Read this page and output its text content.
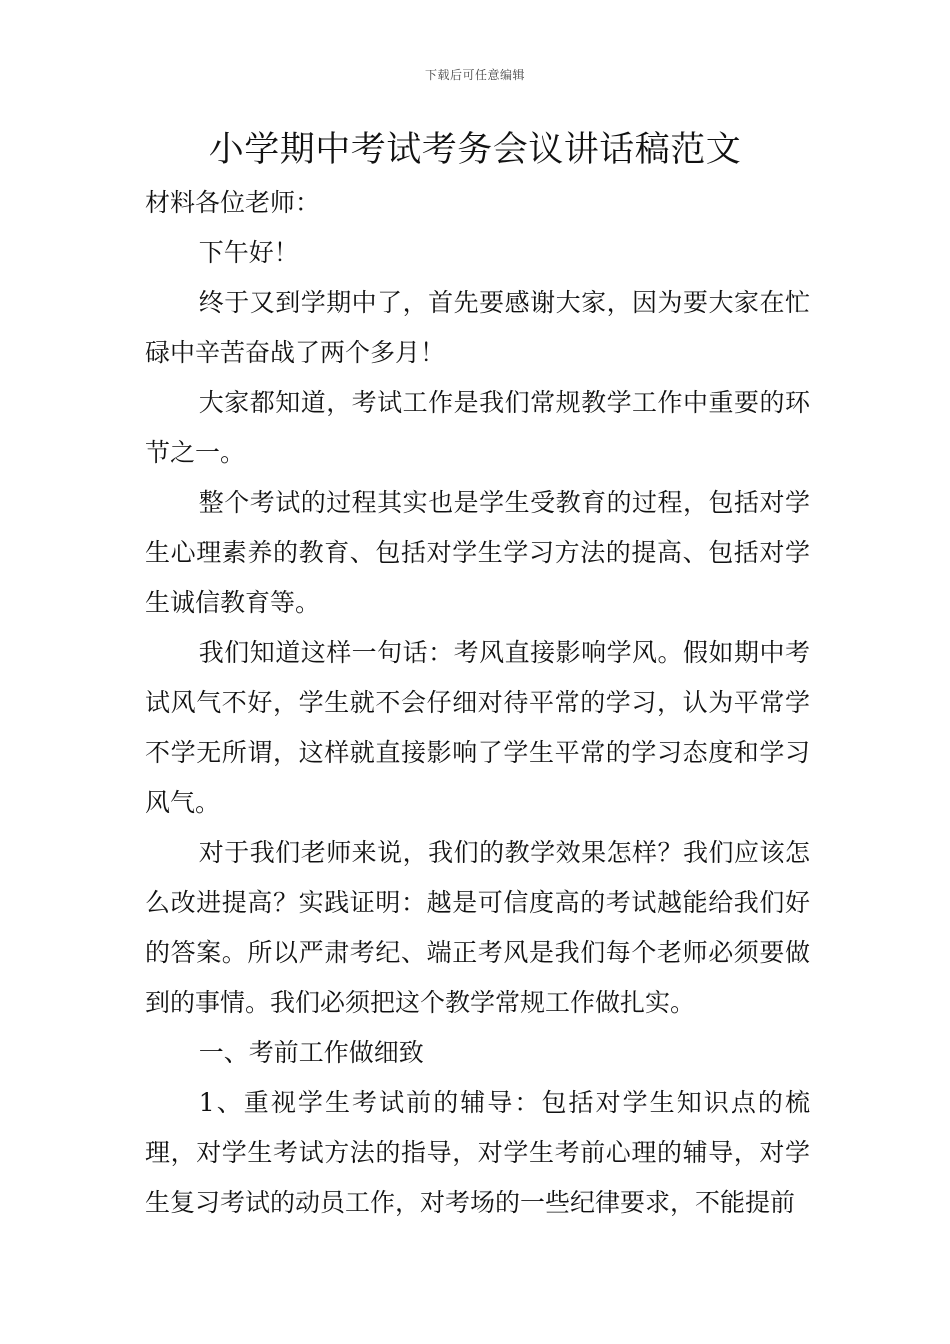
下载后可任意编辑
小学期中考试考务会议讲话稿范文

材料各位老师：

下午好！

终于又到学期中了，首先要感谢大家，因为要大家在忙碌中辛苦奋战了两个多月！

大家都知道，考试工作是我们常规教学工作中重要的环节之一。

整个考试的过程其实也是学生受教育的过程，包括对学生心理素养的教育、包括对学生学习方法的提高、包括对学生诚信教育等。

我们知道这样一句话：考风直接影响学风。假如期中考试风气不好，学生就不会仔细对待平常的学习，认为平常学不学无所谓，这样就直接影响了学生平常的学习态度和学习风气。

对于我们老师来说，我们的教学效果怎样？我们应该怎么改进提高？实践证明：越是可信度高的考试越能给我们好的答案。所以严肃考纪、端正考风是我们每个老师必须要做到的事情。我们必须把这个教学常规工作做扎实。

一、考前工作做细致

1、重视学生考试前的辅导：包括对学生知识点的梳理，对学生考试方法的指导，对学生考前心理的辅导，对学生复习考试的动员工作，对考场的一些纪律要求，不能提前
